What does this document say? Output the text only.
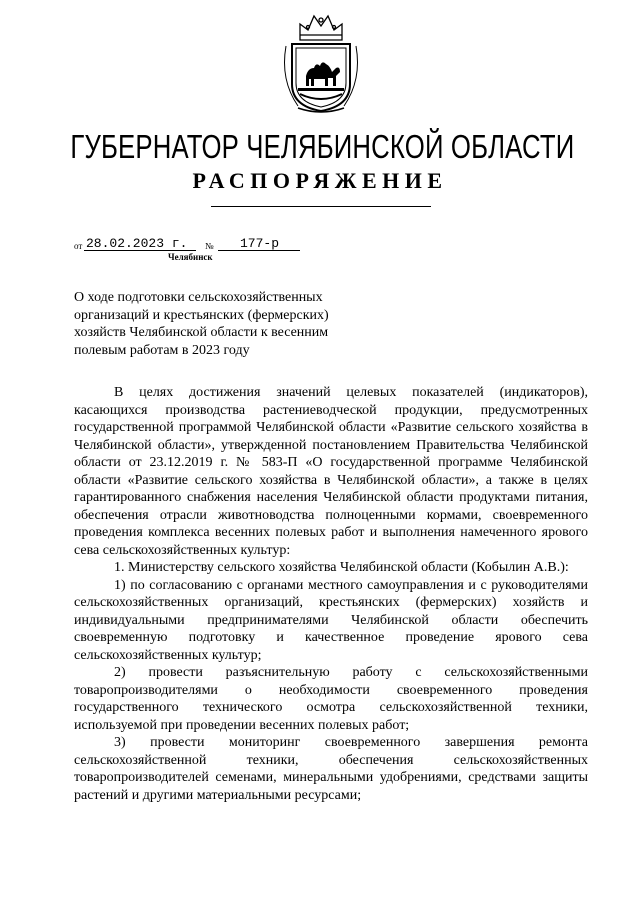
ГУБЕРНАТОР ЧЕЛЯБИНСКОЙ ОБЛАСТИ
РАСПОРЯЖЕНИЕ
от 28.02.2023 г. № 177-р
Челябинск
О ходе подготовки сельскохозяйственных организаций и крестьянских (фермерских) хозяйств Челябинской области к весенним полевым работам в 2023 году

В целях достижения значений целевых показателей (индикаторов), касающихся производства растениеводческой продукции, предусмотренных государственной программой Челябинской области «Развитие сельского хозяйства в Челябинской области», утвержденной постановлением Правительства Челябинской области от 23.12.2019 г. № 583-П «О государственной программе Челябинской области «Развитие сельского хозяйства в Челябинской области», а также в целях гарантированного снабжения населения Челябинской области продуктами питания, обеспечения отрасли животноводства полноценными кормами, своевременного проведения комплекса весенних полевых работ и выполнения намеченного ярового сева сельскохозяйственных культур:

1. Министерству сельского хозяйства Челябинской области (Кобылин А.В.):

1) по согласованию с органами местного самоуправления и с руководителями сельскохозяйственных организаций, крестьянских (фермерских) хозяйств и индивидуальными предпринимателями Челябинской области обеспечить своевременную подготовку и качественное проведение ярового сева сельскохозяйственных культур;

2) провести разъяснительную работу с сельскохозяйственными товаропроизводителями о необходимости своевременного проведения государственного технического осмотра сельскохозяйственной техники, используемой при проведении весенних полевых работ;

3) провести мониторинг своевременного завершения ремонта сельскохозяйственной техники, обеспечения сельскохозяйственных товаропроизводителей семенами, минеральными удобрениями, средствами защиты растений и другими материальными ресурсами;
